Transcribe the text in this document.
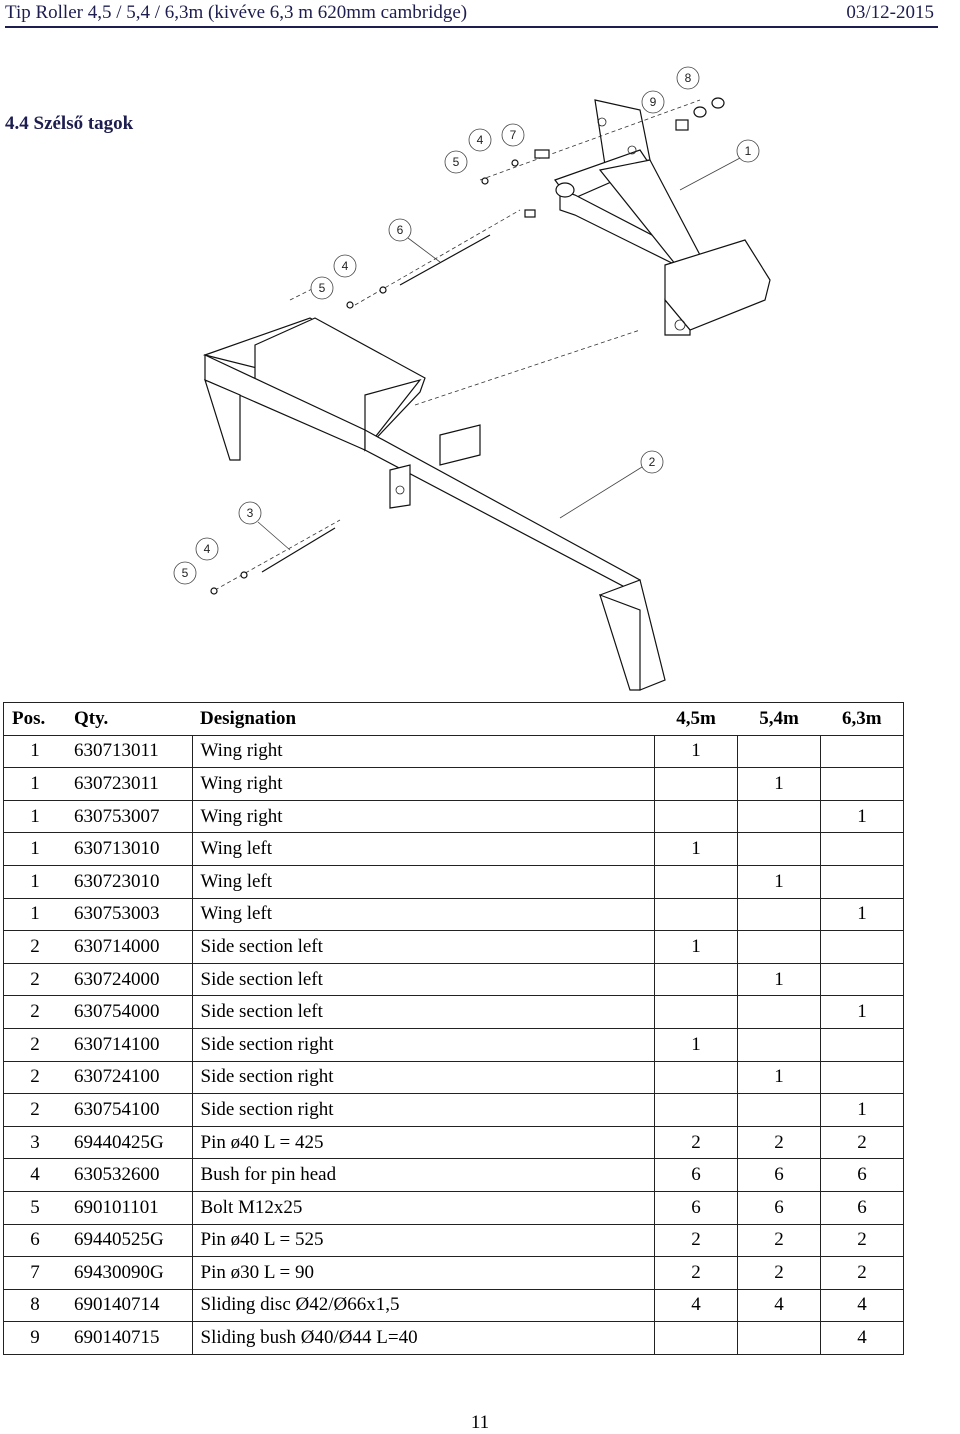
Tip Roller 4,5 / 5,4 / 6,3m (kivéve 6,3 m 620mm cambridge)	03/12-2015
4.4 Szélső tagok
8
9
1
4 7
5
6
4
5
2
3
4
5
Pos.	Qty.	Designation	4,5m	5,4m	6,3m
1	630713011	Wing right	1		
1	630723011	Wing right		1	
1	630753007	Wing right			1
1	630713010	Wing left	1		
1	630723010	Wing left		1	
1	630753003	Wing left			1
2	630714000	Side section left	1		
2	630724000	Side section left		1	
2	630754000	Side section left			1
2	630714100	Side section right	1		
2	630724100	Side section right		1	
2	630754100	Side section right			1
3	69440425G	Pin ø40 L = 425	2	2	2
4	630532600	Bush for pin head	6	6	6
5	690101101	Bolt M12x25	6	6	6
6	69440525G	Pin ø40 L = 525	2	2	2
7	69430090G	Pin ø30 L = 90	2	2	2
8	690140714	Sliding disc Ø42/Ø66x1,5	4	4	4
9	690140715	Sliding bush Ø40/Ø44 L=40			4
11
